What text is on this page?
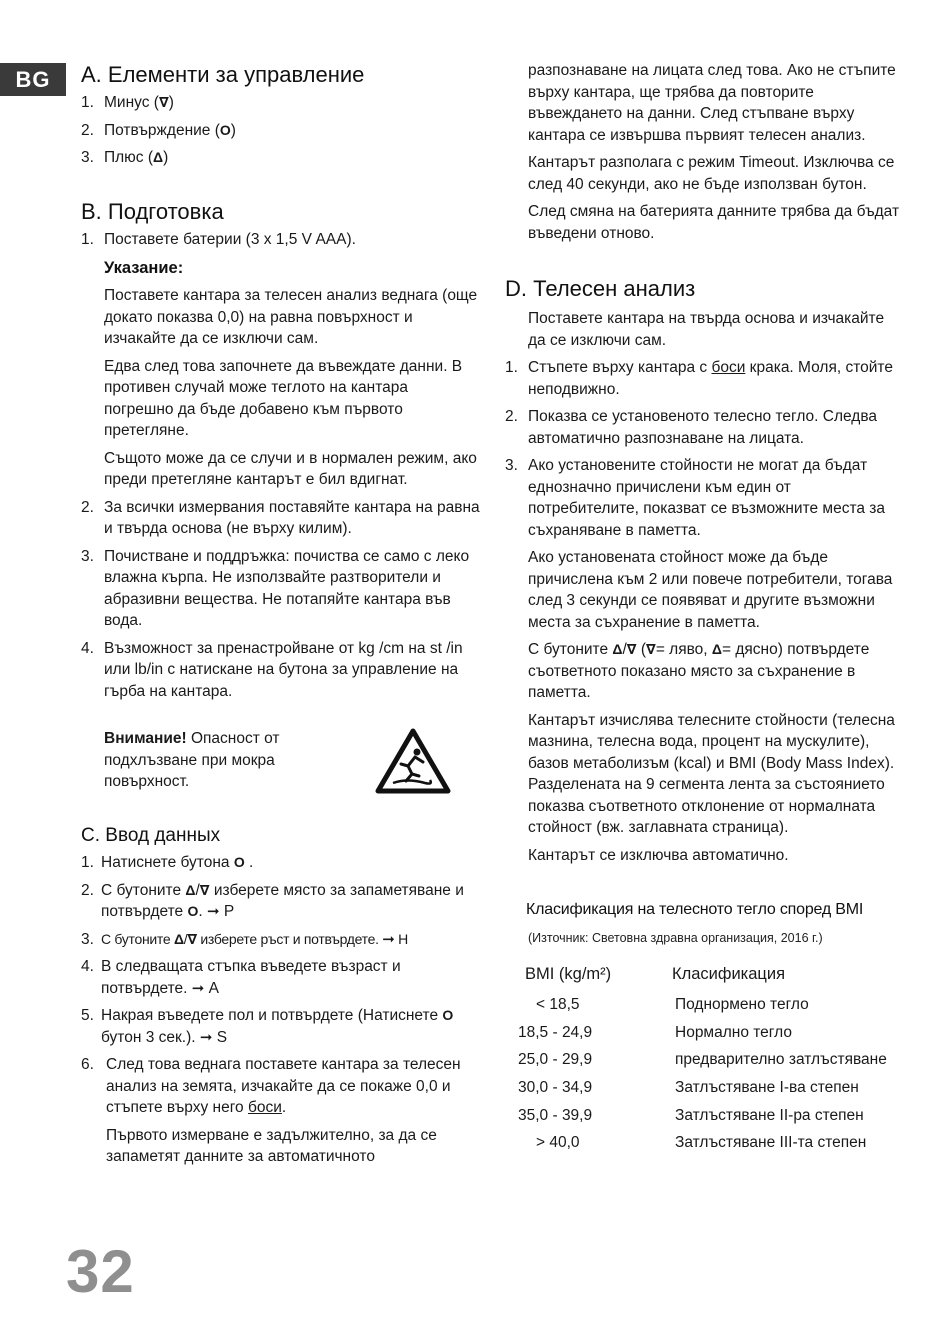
BG	A. Елементи за управление
1. Минус (∇)
2. Потвърждение (O)
3. Плюс (Δ)
B. Подготовка
1. Поставете батерии (3 x 1,5 V AAA).
Указание:
Поставете кантара за телесен анализ веднага (още докато показва 0,0) на равна повърхност и изчакайте да се изключи сам.
Едва след това започнете да въвеждате данни. В противен случай може теглото на кантара погрешно да бъде добавено към първото претегляне.
Същото може да се случи и в нормален режим, ако преди претегляне кантарът е бил вдигнат.
2. За всички измервания поставяйте кантара на равна и твърда основа (не върху килим).
3. Почистване и поддръжка: почиства се само с леко влажна кърпа. Не използвайте разтворители и абразивни вещества. Не потапяйте кантара във вода.
4. Възможност за пренастройване от kg /cm на st /in или lb/in с натискане на бутона за управление на гърба на кантара.
Внимание! Опасност от подхлъзване при мокра повърхност.
C. Ввод данных
1. Натиснете бутона O .
2. С бутоните Δ/∇ изберете място за запаметяване и потвърдете O. ➞ P
3. С бутоните Δ/∇ изберете ръст и потвърдете. ➞ H
4. В следващата стъпка въведете възраст и потвърдете. ➞ A
5. Накрая въведете пол и потвърдете (Натиснете O бутон 3 сек.). ➞ S
6. След това веднага поставете кантара за телесен анализ на земята, изчакайте да се покаже 0,0 и стъпете върху него боси.
Първото измерване е задължително, за да се запаметят данните за автоматичното
разпознаване на лицата след това. Ако не стъпите върху кантара, ще трябва да повторите въвеждането на данни. След стъпване върху кантара се извършва първият телесен анализ.
Кантарът разполага с режим Timeout. Изключва се след 40 секунди, ако не бъде използван бутон.
След смяна на батерията данните трябва да бъдат въведени отново.
D. Телесен анализ
Поставете кантара на твърда основа и изчакайте да се изключи сам.
1. Стъпете върху кантара с боси крака. Моля, стойте неподвижно.
2. Показва се установеното телесно тегло. Следва автоматично разпознаване на лицата.
3. Ако установените стойности не могат да бъдат еднозначно причислени към един от потребителите, показват се възможните места за съхраняване в паметта.
Ако установената стойност може да бъде причислена към 2 или повече потребители, тогава след 3 секунди се появяват и другите възможни места за съхранение в паметта.
С бутоните Δ/∇ (∇= ляво, Δ= дясно) потвърдете съответното показано място за съхранение в паметта.
Кантарът изчислява телесните стойности (телесна мазнина, телесна вода, процент на мускулите), базов метаболизъм (kcal) и BMI (Body Mass Index).
Разделената на 9 сегмента лента за състоянието показва съответното отклонение от нормалната стойност (вж. заглавната страница).
Кантарът се изключва автоматично.
Класификация на телесното тегло според BMI
(Източник: Световна здравна организация, 2016 г.)
BMI (kg/m²)	Класификация
< 18,5	Поднормено тегло
18,5 - 24,9	Нормално тегло
25,0 - 29,9	предварително затлъстяване
30,0 - 34,9	Затлъстяване I-ва степен
35,0 - 39,9	Затлъстяване II-ра степен
> 40,0	Затлъстяване III-та степен
32
